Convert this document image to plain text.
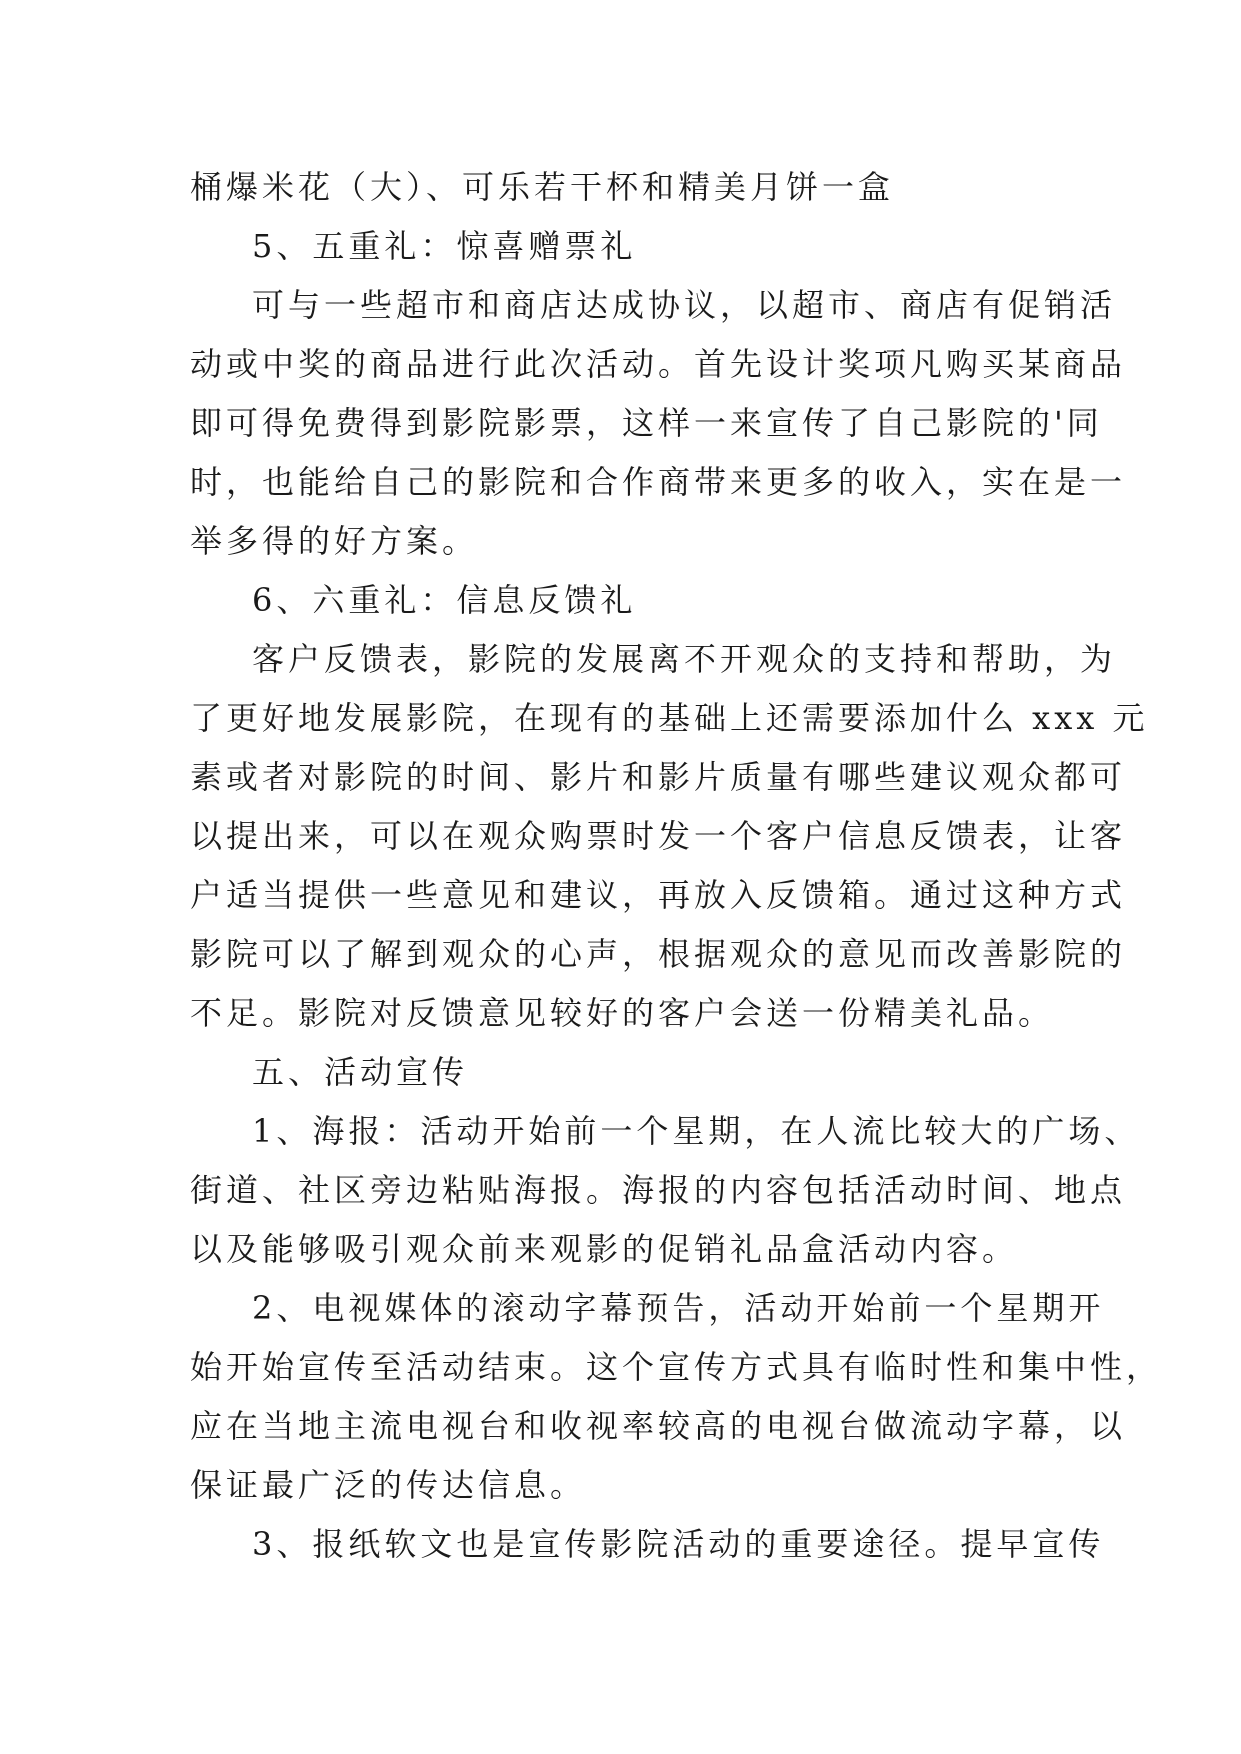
桶爆米花（大）、可乐若干杯和精美月饼一盒
5、五重礼：惊喜赠票礼
可与一些超市和商店达成协议，以超市、商店有促销活
动或中奖的商品进行此次活动。首先设计奖项凡购买某商品
即可得免费得到影院影票，这样一来宣传了自己影院的'同
时，也能给自己的影院和合作商带来更多的收入，实在是一
举多得的好方案。
6、六重礼：信息反馈礼
客户反馈表，影院的发展离不开观众的支持和帮助，为
了更好地发展影院，在现有的基础上还需要添加什么 xxx 元
素或者对影院的时间、影片和影片质量有哪些建议观众都可
以提出来，可以在观众购票时发一个客户信息反馈表，让客
户适当提供一些意见和建议，再放入反馈箱。通过这种方式
影院可以了解到观众的心声，根据观众的意见而改善影院的
不足。影院对反馈意见较好的客户会送一份精美礼品。
五、活动宣传
1、海报：活动开始前一个星期，在人流比较大的广场、
街道、社区旁边粘贴海报。海报的内容包括活动时间、地点
以及能够吸引观众前来观影的促销礼品盒活动内容。
2、电视媒体的滚动字幕预告，活动开始前一个星期开
始开始宣传至活动结束。这个宣传方式具有临时性和集中性，
应在当地主流电视台和收视率较高的电视台做流动字幕，以
保证最广泛的传达信息。
3、报纸软文也是宣传影院活动的重要途径。提早宣传
